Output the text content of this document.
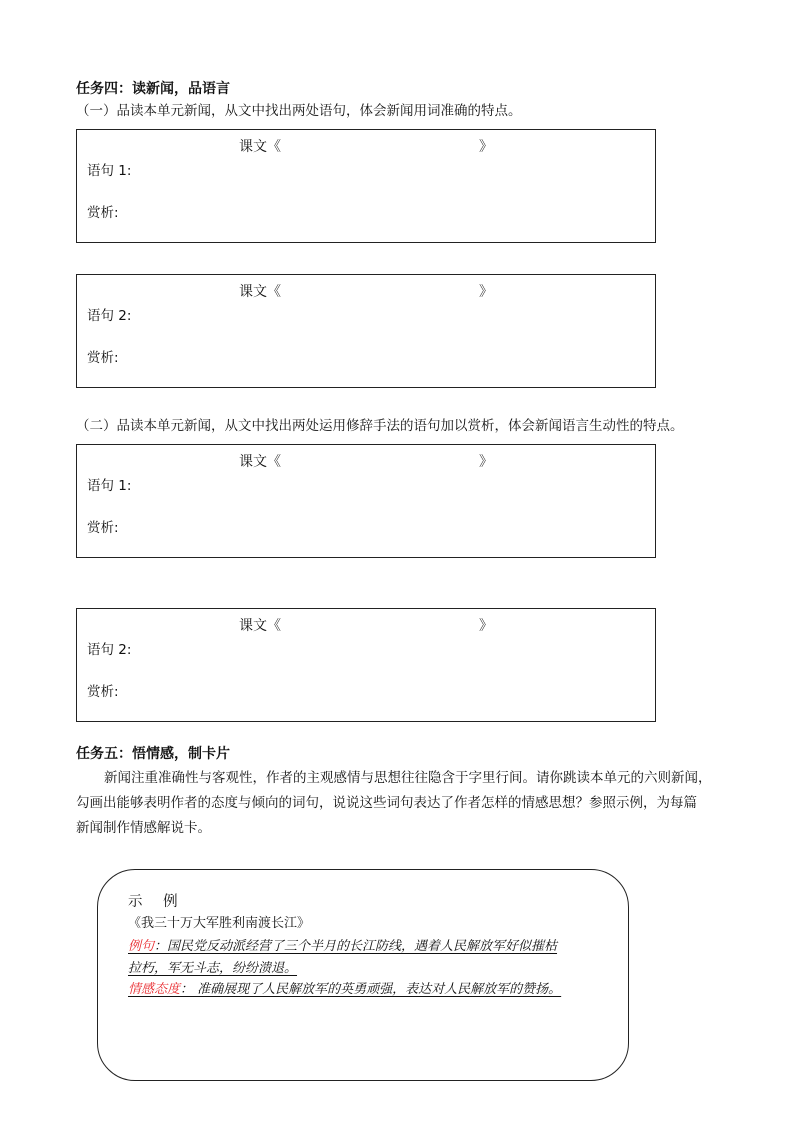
任务四：读新闻，品语言
（一）品读本单元新闻，从文中找出两处语句，体会新闻用词准确的特点。
课文《	》
语句 1:
赏析:
课文《	》
语句 2:
赏析:
（二）品读本单元新闻，从文中找出两处运用修辞手法的语句加以赏析，体会新闻语言生动性的特点。
课文《	》
语句 1:
赏析:
课文《	》
语句 2:
赏析:
任务五：悟情感，制卡片
新闻注重准确性与客观性，作者的主观感情与思想往往隐含于字里行间。请你跳读本单元的六则新闻，
勾画出能够表明作者的态度与倾向的词句，说说这些词句表达了作者怎样的情感思想？参照示例，为每篇
新闻制作情感解说卡。
示 例
《我三十万大军胜利南渡长江》
例句：国民党反动派经营了三个半月的长江防线，遇着人民解放军好似摧枯
拉朽，军无斗志，纷纷溃退。
情感态度： 准确展现了人民解放军的英勇顽强，表达对人民解放军的赞扬。
